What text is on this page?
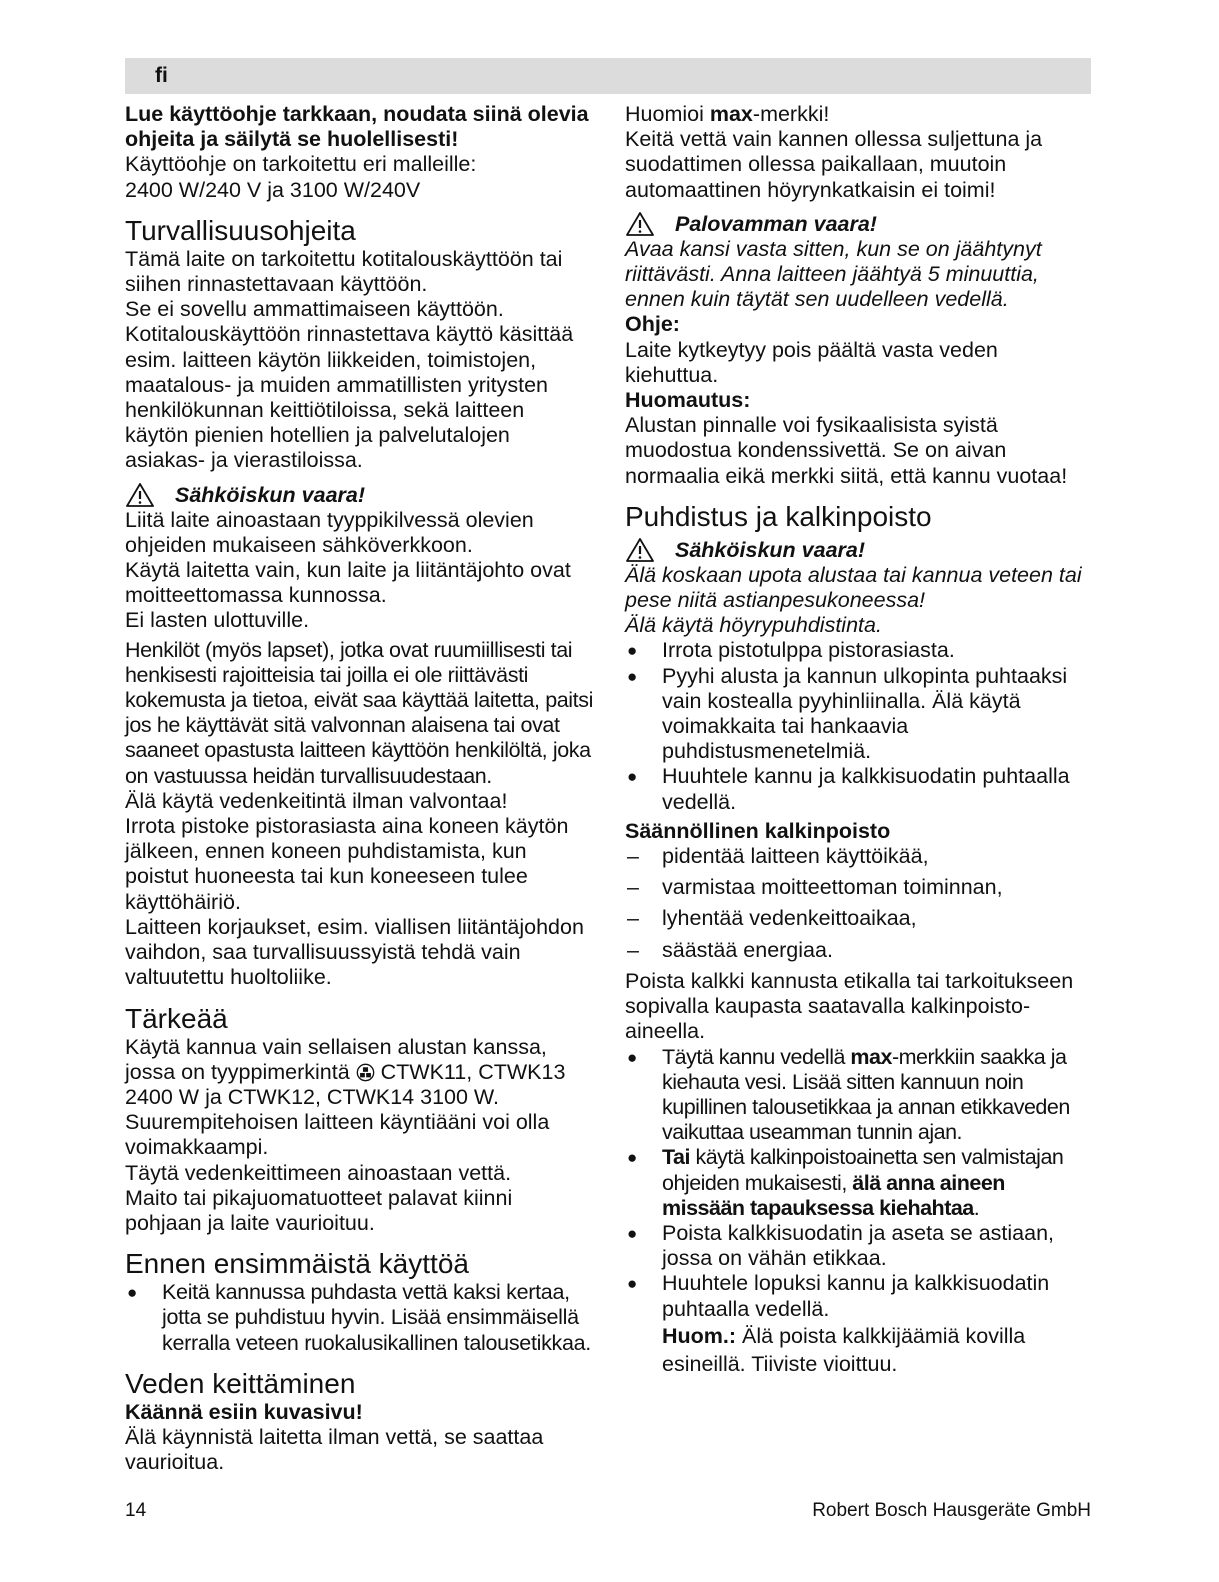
fi

Lue käyttöohje tarkkaan, noudata siinä olevia ohjeita ja säilytä se huolellisesti!

Käyttöohje on tarkoitettu eri malleille:

2400 W/240 V ja 3100 W/240V

Turvallisuusohjeita

Tämä laite on tarkoitettu kotitalouskäyttöön tai siihen rinnastettavaan käyttöön.

Se ei sovellu ammattimaiseen käyttöön.

Kotitalouskäyttöön rinnastettava käyttö käsittää esim. laitteen käytön liikkeiden, toimistojen, maatalous- ja muiden ammatillisten yritysten henkilökunnan keittiötiloissa, sekä laitteen käytön pienien hotellien ja palvelutalojen asiakas- ja vierastiloissa.

Sähköiskun vaara!

Liitä laite ainoastaan tyyppikilvessä olevien ohjeiden mukaiseen sähköverkkoon.

Käytä laitetta vain, kun laite ja liitäntäjohto ovat moitteettomassa kunnossa.

Ei lasten ulottuville.

Henkilöt (myös lapset), jotka ovat ruumiillisesti tai henkisesti rajoitteisia tai joilla ei ole riittävästi kokemusta ja tietoa, eivät saa käyttää laitetta, paitsi jos he käyttävät sitä valvonnan alaisena tai ovat saaneet opastusta laitteen käyttöön henkilöltä, joka on vastuussa heidän turvallisuudestaan.

Älä käytä vedenkeitintä ilman valvontaa!

Irrota pistoke pistorasiasta aina koneen käytön jälkeen, ennen koneen puhdistamista, kun poistut huoneesta tai kun koneeseen tulee käyttöhäiriö.

Laitteen korjaukset, esim. viallisen liitäntäjohdon vaihdon, saa turvallisuussyistä tehdä vain valtuutettu huoltoliike.

Tärkeää

Käytä kannua vain sellaisen alustan kanssa, jossa on tyyppimerkintä CTWK11, CTWK13 2400 W ja CTWK12, CTWK14 3100 W.

Suurempitehoisen laitteen käyntiääni voi olla voimakkaampi.

Täytä vedenkeittimeen ainoastaan vettä.

Maito tai pikajuomatuotteet palavat kiinni pohjaan ja laite vaurioituu.

Ennen ensimmäistä käyttöä

● Keitä kannussa puhdasta vettä kaksi kertaa, jotta se puhdistuu hyvin. Lisää ensimmäisellä kerralla veteen ruokalusikallinen talousetikkaa.

Veden keittäminen

Käännä esiin kuvasivu!

Älä käynnistä laitetta ilman vettä, se saattaa vaurioitua.

Huomioi max-merkki!

Keitä vettä vain kannen ollessa suljettuna ja suodattimen ollessa paikallaan, muutoin automaattinen höyrynkatkaisin ei toimi!

Palovamman vaara!

Avaa kansi vasta sitten, kun se on jäähtynyt riittävästi. Anna laitteen jäähtyä 5 minuuttia, ennen kuin täytät sen uudelleen vedellä.

Ohje:

Laite kytkeytyy pois päältä vasta veden kiehuttua.

Huomautus:

Alustan pinnalle voi fysikaalisista syistä muodostua kondenssivettä. Se on aivan normaalia eikä merkki siitä, että kannu vuotaa!

Puhdistus ja kalkinpoisto
Sähköiskun vaara!

Älä koskaan upota alustaa tai kannua veteen tai pese niitä astianpesukoneessa!

Älä käytä höyrypuhdistinta.

● Irrota pistotulppa pistorasiasta.

● Pyyhi alusta ja kannun ulkopinta puhtaaksi vain kostealla pyyhinliinalla. Älä käytä voimakkaita tai hankaavia puhdistusmenetelmiä.

● Huuhtele kannu ja kalkkisuodatin puhtaalla vedellä.

Säännöllinen kalkinpoisto

– pidentää laitteen käyttöikää,

– varmistaa moitteettoman toiminnan,

– lyhentää vedenkeittoaikaa,

– säästää energiaa.

Poista kalkki kannusta etikalla tai tarkoitukseen sopivalla kaupasta saatavalla kalkinpoistoaineella.

● Täytä kannu vedellä max-merkkiin saakka ja kiehauta vesi. Lisää sitten kannuun noin kupillinen talousetikkaa ja annan etikkaveden vaikuttaa useamman tunnin ajan.

● Tai käytä kalkinpoistoainetta sen valmistajan ohjeiden mukaisesti, älä anna aineen missään tapauksessa kiehahtaa.

● Poista kalkkisuodatin ja aseta se astiaan, jossa on vähän etikkaa.

● Huuhtele lopuksi kannu ja kalkkisuodatin puhtaalla vedellä.

Huom.: Älä poista kalkkijäämiä kovilla esineillä. Tiiviste vioittuu.

14	Robert Bosch Hausgeräte GmbH
